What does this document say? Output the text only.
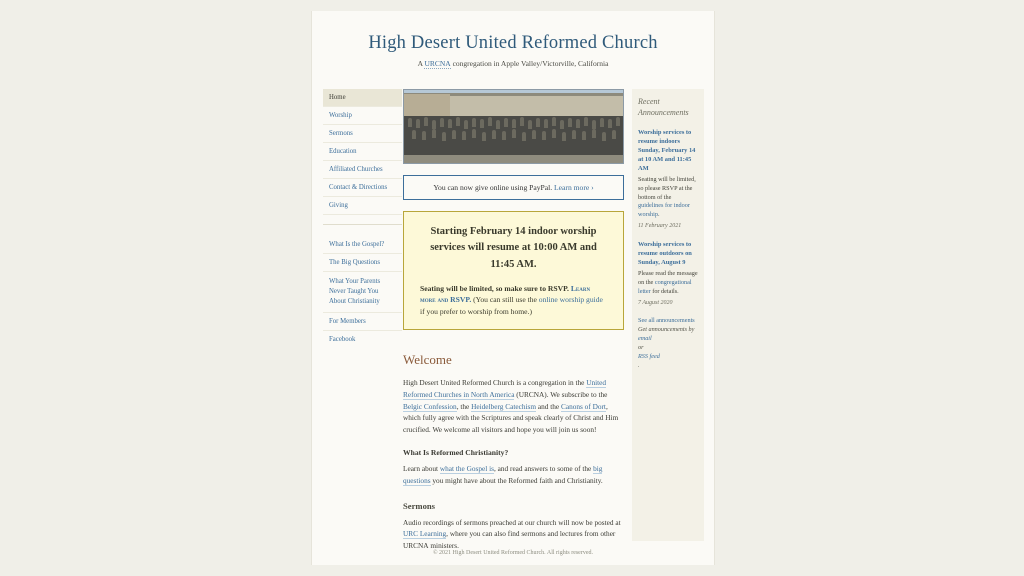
High Desert United Reformed Church
A URCNA congregation in Apple Valley/Victorville, California
Home
Worship
Sermons
Education
Affiliated Churches
Contact & Directions
Giving
What Is the Gospel?
The Big Questions
What Your Parents Never Taught You About Christianity
For Members
Facebook
You can now give online using PayPal. Learn more ›
Starting February 14 indoor worship services will resume at 10:00 AM and 11:45 AM.

Seating will be limited, so make sure to RSVP. Learn more and RSVP. (You can still use the online worship guide if you prefer to worship from home.)

Welcome

High Desert United Reformed Church is a congregation in the United Reformed Churches in North America (URCNA). We subscribe to the Belgic Confession, the Heidelberg Catechism and the Canons of Dort, which fully agree with the Scriptures and speak clearly of Christ and Him crucified. We welcome all visitors and hope you will join us soon!

What Is Reformed Christianity?

Learn about what the Gospel is, and read answers to some of the big questions you might have about the Reformed faith and Christianity.

Sermons

Audio recordings of sermons preached at our church will now be posted at URC Learning, where you can also find sermons and lectures from other URCNA ministers.

Recent Announcements
Worship services to resume indoors Sunday, February 14 at 10 AM and 11:45 AM
Seating will be limited, so please RSVP at the bottom of the guidelines for indoor worship.
11 February 2021
Worship services to resume outdoors on Sunday, August 9
Please read the message on the congregational letter for details.
7 August 2020
See all announcements
Get announcements by
email
or
RSS feed
.
© 2021 High Desert United Reformed Church. All rights reserved.
